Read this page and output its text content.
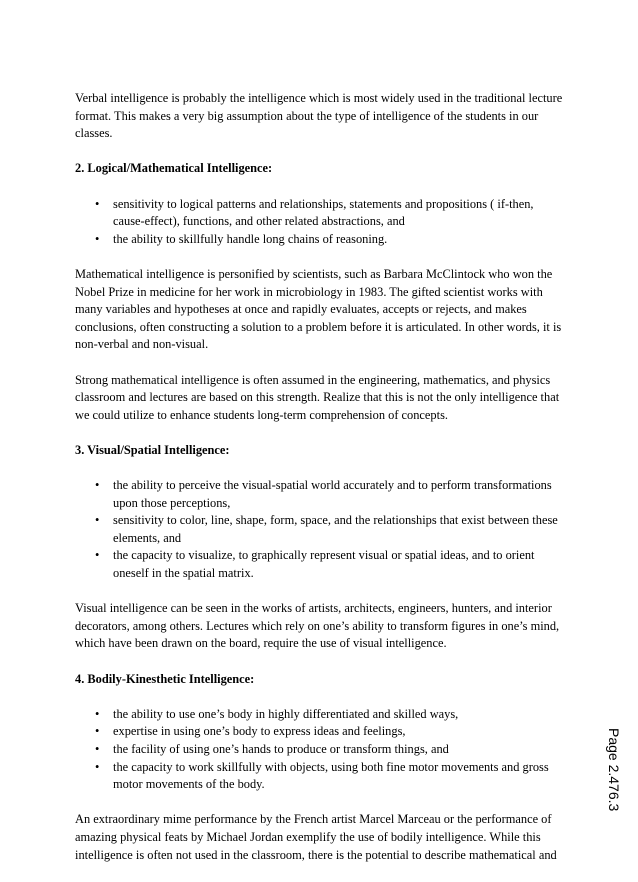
Verbal intelligence is probably the intelligence which is most widely used in the traditional lecture format. This makes a very big assumption about the type of intelligence of the students in our classes.

2. Logical/Mathematical Intelligence:
• sensitivity to logical patterns and relationships, statements and propositions ( if-then, cause-effect), functions, and other related abstractions, and
• the ability to skillfully handle long chains of reasoning.

Mathematical intelligence is personified by scientists, such as Barbara McClintock who won the Nobel Prize in medicine for her work in microbiology in 1983. The gifted scientist works with many variables and hypotheses at once and rapidly evaluates, accepts or rejects, and makes conclusions, often constructing a solution to a problem before it is articulated. In other words, it is non-verbal and non-visual.

Strong mathematical intelligence is often assumed in the engineering, mathematics, and physics classroom and lectures are based on this strength. Realize that this is not the only intelligence that we could utilize to enhance students long-term comprehension of concepts.

3. Visual/Spatial Intelligence:
• the ability to perceive the visual-spatial world accurately and to perform transformations upon those perceptions,
• sensitivity to color, line, shape, form, space, and the relationships that exist between these elements, and
• the capacity to visualize, to graphically represent visual or spatial ideas, and to orient oneself in the spatial matrix.

Visual intelligence can be seen in the works of artists, architects, engineers, hunters, and interior decorators, among others. Lectures which rely on one’s ability to transform figures in one’s mind, which have been drawn on the board, require the use of visual intelligence.

4. Bodily-Kinesthetic Intelligence:
• the ability to use one’s body in highly differentiated and skilled ways,
• expertise in using one’s body to express ideas and feelings,
• the facility of using one’s hands to produce or transform things, and
• the capacity to work skillfully with objects, using both fine motor movements and gross motor movements of the body.

An extraordinary mime performance by the French artist Marcel Marceau or the performance of amazing physical feats by Michael Jordan exemplify the use of bodily intelligence. While this intelligence is often not used in the classroom, there is the potential to describe mathematical and

Page 2.476.3
